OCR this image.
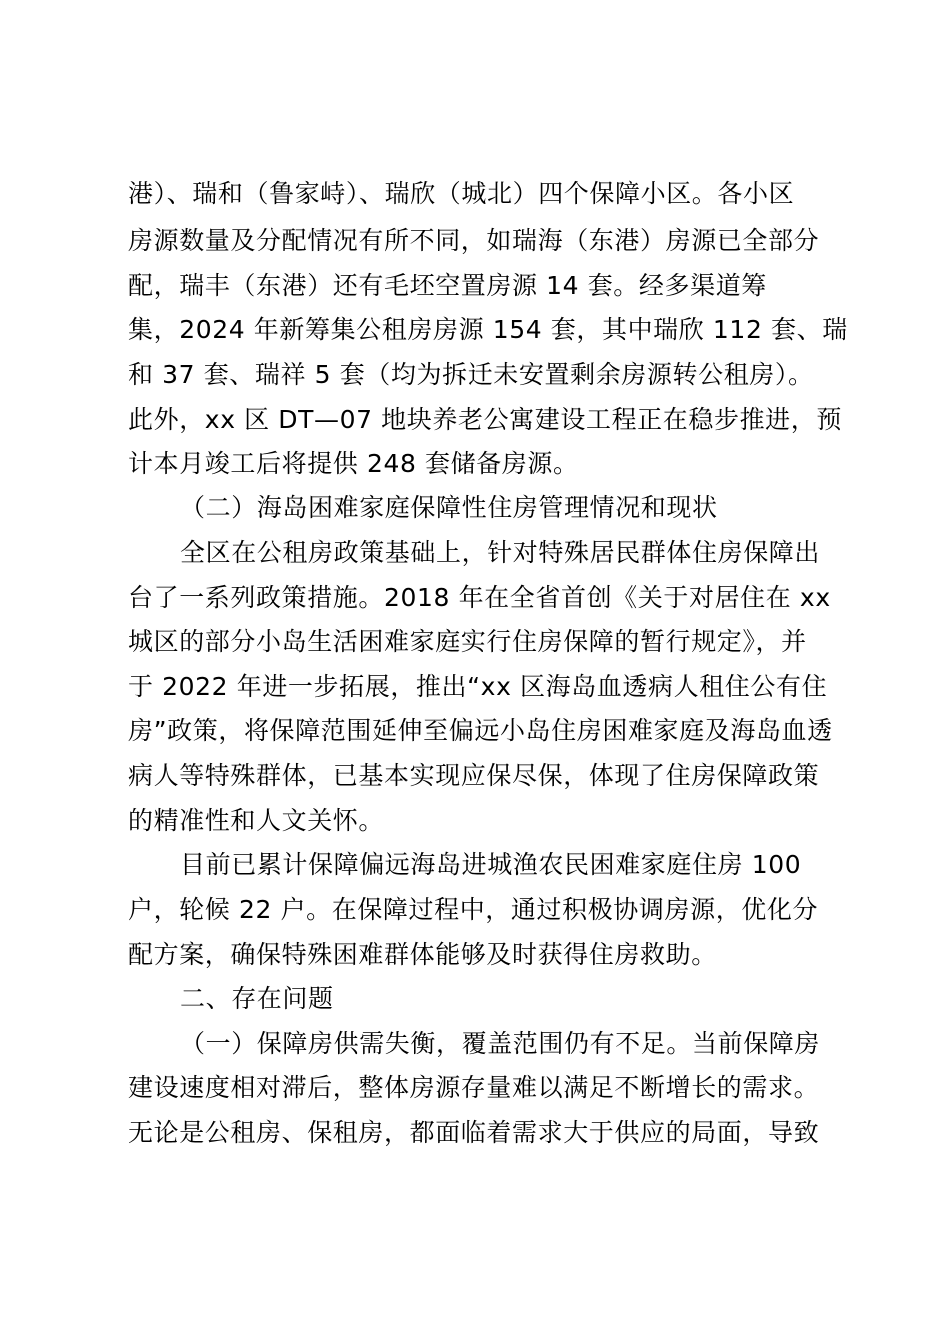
港）、瑞和（鲁家峙）、瑞欣（城北）四个保障小区。各小区
房源数量及分配情况有所不同，如瑞海（东港）房源已全部分
配，瑞丰（东港）还有毛坯空置房源 14 套。经多渠道筹
集，2024 年新筹集公租房房源 154 套，其中瑞欣 112 套、瑞
和 37 套、瑞祥 5 套（均为拆迁未安置剩余房源转公租房）。
此外，xx 区 DT—07 地块养老公寓建设工程正在稳步推进，预
计本月竣工后将提供 248 套储备房源。
（二）海岛困难家庭保障性住房管理情况和现状
全区在公租房政策基础上，针对特殊居民群体住房保障出
台了一系列政策措施。2018 年在全省首创《关于对居住在 xx
城区的部分小岛生活困难家庭实行住房保障的暂行规定》，并
于 2022 年进一步拓展，推出“xx 区海岛血透病人租住公有住
房”政策，将保障范围延伸至偏远小岛住房困难家庭及海岛血透
病人等特殊群体，已基本实现应保尽保，体现了住房保障政策
的精准性和人文关怀。
目前已累计保障偏远海岛进城渔农民困难家庭住房 100
户，轮候 22 户。在保障过程中，通过积极协调房源，优化分
配方案，确保特殊困难群体能够及时获得住房救助。
二、存在问题
（一）保障房供需失衡，覆盖范围仍有不足。当前保障房
建设速度相对滞后，整体房源存量难以满足不断增长的需求。
无论是公租房、保租房，都面临着需求大于供应的局面，导致
